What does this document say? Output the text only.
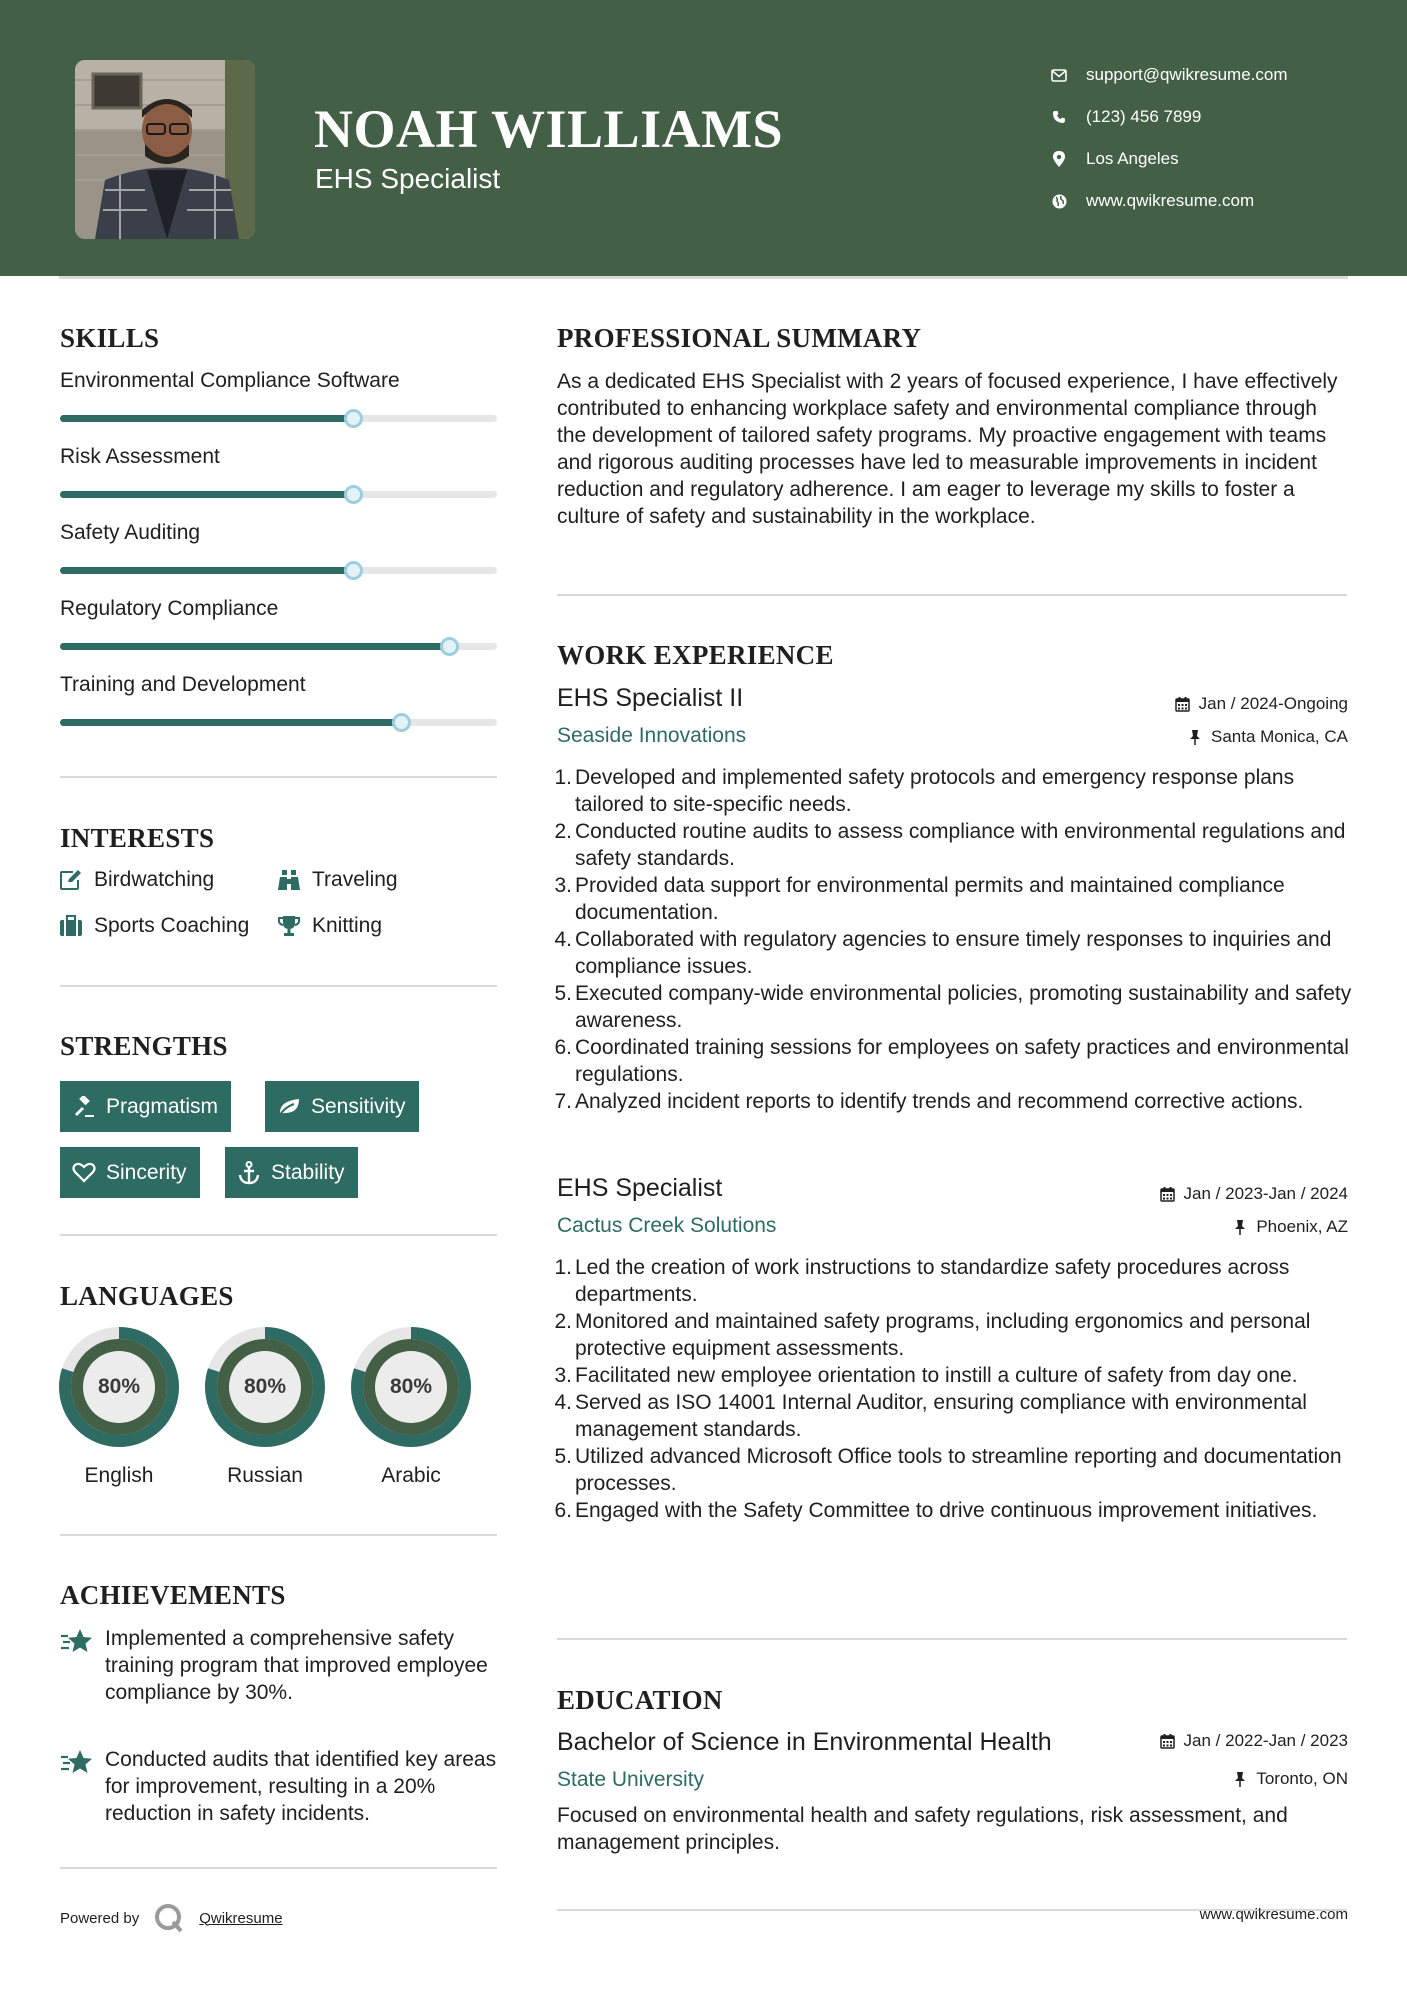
NOAH WILLIAMS
EHS Specialist
support@qwikresume.com
(123) 456 7899
Los Angeles
www.qwikresume.com
SKILLS
Environmental Compliance Software
Risk Assessment
Safety Auditing
Regulatory Compliance
Training and Development
INTERESTS
Birdwatching	Traveling
Sports Coaching	Knitting
STRENGTHS
Pragmatism	Sensitivity
Sincerity	Stability
LANGUAGES
80%
English
80%
Russian
80%
Arabic
ACHIEVEMENTS
Implemented a comprehensive safety training program that improved employee compliance by 30%.
Conducted audits that identified key areas for improvement, resulting in a 20% reduction in safety incidents.
Powered by	Qwikresume
PROFESSIONAL SUMMARY
As a dedicated EHS Specialist with 2 years of focused experience, I have effectively contributed to enhancing workplace safety and environmental compliance through the development of tailored safety programs. My proactive engagement with teams and rigorous auditing processes have led to measurable improvements in incident reduction and regulatory adherence. I am eager to leverage my skills to foster a culture of safety and sustainability in the workplace.
WORK EXPERIENCE
EHS Specialist II	Jan / 2024-Ongoing
Seaside Innovations	Santa Monica, CA
1. Developed and implemented safety protocols and emergency response plans tailored to site-specific needs.
2. Conducted routine audits to assess compliance with environmental regulations and safety standards.
3. Provided data support for environmental permits and maintained compliance documentation.
4. Collaborated with regulatory agencies to ensure timely responses to inquiries and compliance issues.
5. Executed company-wide environmental policies, promoting sustainability and safety awareness.
6. Coordinated training sessions for employees on safety practices and environmental regulations.
7. Analyzed incident reports to identify trends and recommend corrective actions.
EHS Specialist	Jan / 2023-Jan / 2024
Cactus Creek Solutions	Phoenix, AZ
1. Led the creation of work instructions to standardize safety procedures across departments.
2. Monitored and maintained safety programs, including ergonomics and personal protective equipment assessments.
3. Facilitated new employee orientation to instill a culture of safety from day one.
4. Served as ISO 14001 Internal Auditor, ensuring compliance with environmental management standards.
5. Utilized advanced Microsoft Office tools to streamline reporting and documentation processes.
6. Engaged with the Safety Committee to drive continuous improvement initiatives.
EDUCATION
Bachelor of Science in Environmental Health	Jan / 2022-Jan / 2023
State University	Toronto, ON
Focused on environmental health and safety regulations, risk assessment, and management principles.
www.qwikresume.com
